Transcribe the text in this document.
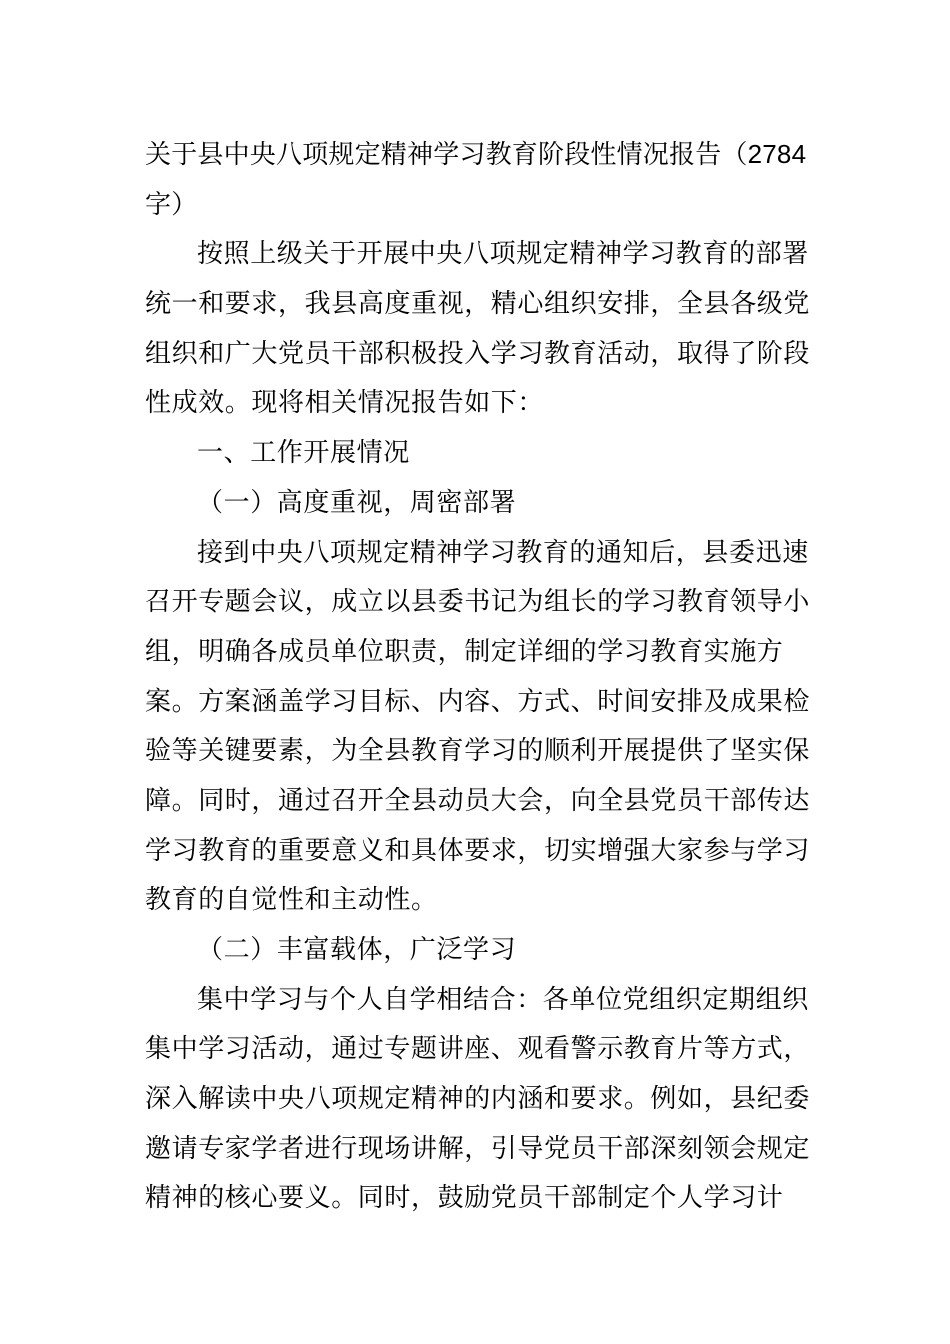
关于县中央八项规定精神学习教育阶段性情况报告（2784
字）
按照上级关于开展中央八项规定精神学习教育的部署
统一和要求，我县高度重视，精心组织安排，全县各级党
组织和广大党员干部积极投入学习教育活动，取得了阶段
性成效。现将相关情况报告如下：
一、工作开展情况
（一）高度重视，周密部署
接到中央八项规定精神学习教育的通知后，县委迅速
召开专题会议，成立以县委书记为组长的学习教育领导小
组，明确各成员单位职责，制定详细的学习教育实施方
案。方案涵盖学习目标、内容、方式、时间安排及成果检
验等关键要素，为全县教育学习的顺利开展提供了坚实保
障。同时，通过召开全县动员大会，向全县党员干部传达
学习教育的重要意义和具体要求，切实增强大家参与学习
教育的自觉性和主动性。
（二）丰富载体，广泛学习
集中学习与个人自学相结合：各单位党组织定期组织
集中学习活动，通过专题讲座、观看警示教育片等方式，
深入解读中央八项规定精神的内涵和要求。例如，县纪委
邀请专家学者进行现场讲解，引导党员干部深刻领会规定
精神的核心要义。同时，鼓励党员干部制定个人学习计
